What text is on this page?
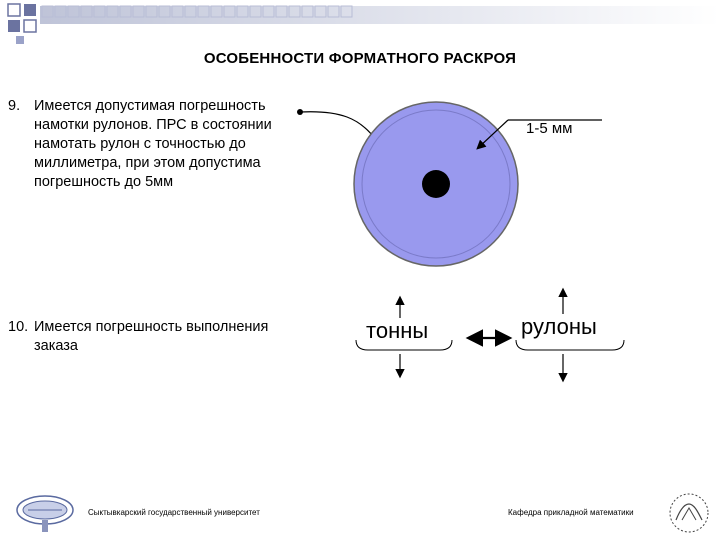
ОСОБЕННОСТИ ФОРМАТНОГО РАСКРОЯ
9. Имеется допустимая погрешность
намотки рулонов. ПРС в состоянии
намотать рулон с точностью до
миллиметра, при этом допустима
погрешность до 5мм
10. Имеется погрешность выполнения
заказа
1-5 мм
тонны	рулоны
Сыктывкарский государственный университет	Кафедра прикладной математики
